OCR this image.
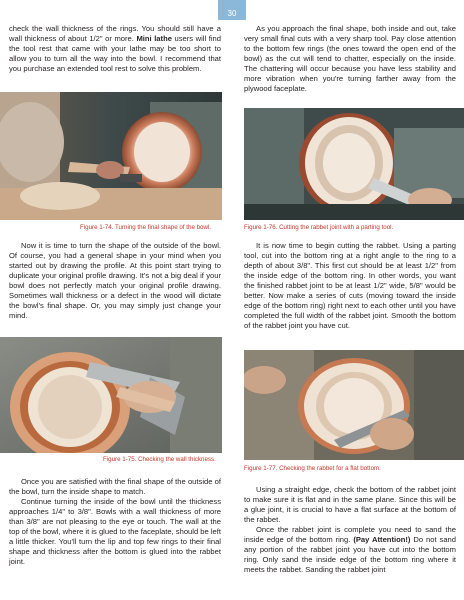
30

check the wall thickness of the rings. You should still have a wall thickness of about 1/2" or more. Mini lathe users will find the tool rest that came with your lathe may be too short to allow you to turn all the way into the bowl. I recommend that you purchase an extended tool rest to solve this problem.

Figure 1-74. Turning the final shape of the bowl.

Now it is time to turn the shape of the outside of the bowl. Of course, you had a general shape in your mind when you started out by drawing the profile. At this point start trying to duplicate your original profile drawing. It's not a big deal if your bowl does not perfectly match your original profile drawing. Sometimes wall thickness or a defect in the wood will dictate the bowl's final shape. Or, you may simply just change your mind.

Figure 1-75. Checking the wall thickness.

Once you are satisfied with the final shape of the outside of the bowl, turn the inside shape to match.

Continue turning the inside of the bowl until the thickness approaches 1/4" to 3/8". Bowls with a wall thickness of more than 3/8" are not pleasing to the eye or touch. The wall at the top of the bowl, where it is glued to the faceplate, should be left a little thicker. You'll turn the lip and top few rings to their final shape and thickness after the bottom is glued into the rabbet joint.

As you approach the final shape, both inside and out, take very small final cuts with a very sharp tool. Pay close attention to the bottom few rings (the ones toward the open end of the bowl) as the cut will tend to chatter, especially on the inside. The chattering will occur because you have less stability and more vibration when you're turning farther away from the plywood faceplate.

Figure 1-76. Cutting the rabbet joint with a parting tool.

It is now time to begin cutting the rabbet. Using a parting tool, cut into the bottom ring at a right angle to the ring to a depth of about 3/8". This first cut should be at least 1/2" from the inside edge of the bottom ring. In other words, you want the finished rabbet joint to be at least 1/2" wide, 5/8" would be better. Now make a series of cuts (moving toward the inside edge of the bottom ring) right next to each other until you have completed the full width of the rabbet joint. Smooth the bottom of the rabbet joint you have cut.

Figure 1-77. Checking the rabbet for a flat bottom.

Using a straight edge, check the bottom of the rabbet joint to make sure it is flat and in the same plane. Since this will be a glue joint, it is crucial to have a flat surface at the bottom of the rabbet.

Once the rabbet joint is complete you need to sand the inside edge of the bottom ring. (Pay Attention!) Do not sand any portion of the rabbet joint you have cut into the bottom ring. Only sand the inside edge of the bottom ring where it meets the rabbet. Sanding the rabbet joint
